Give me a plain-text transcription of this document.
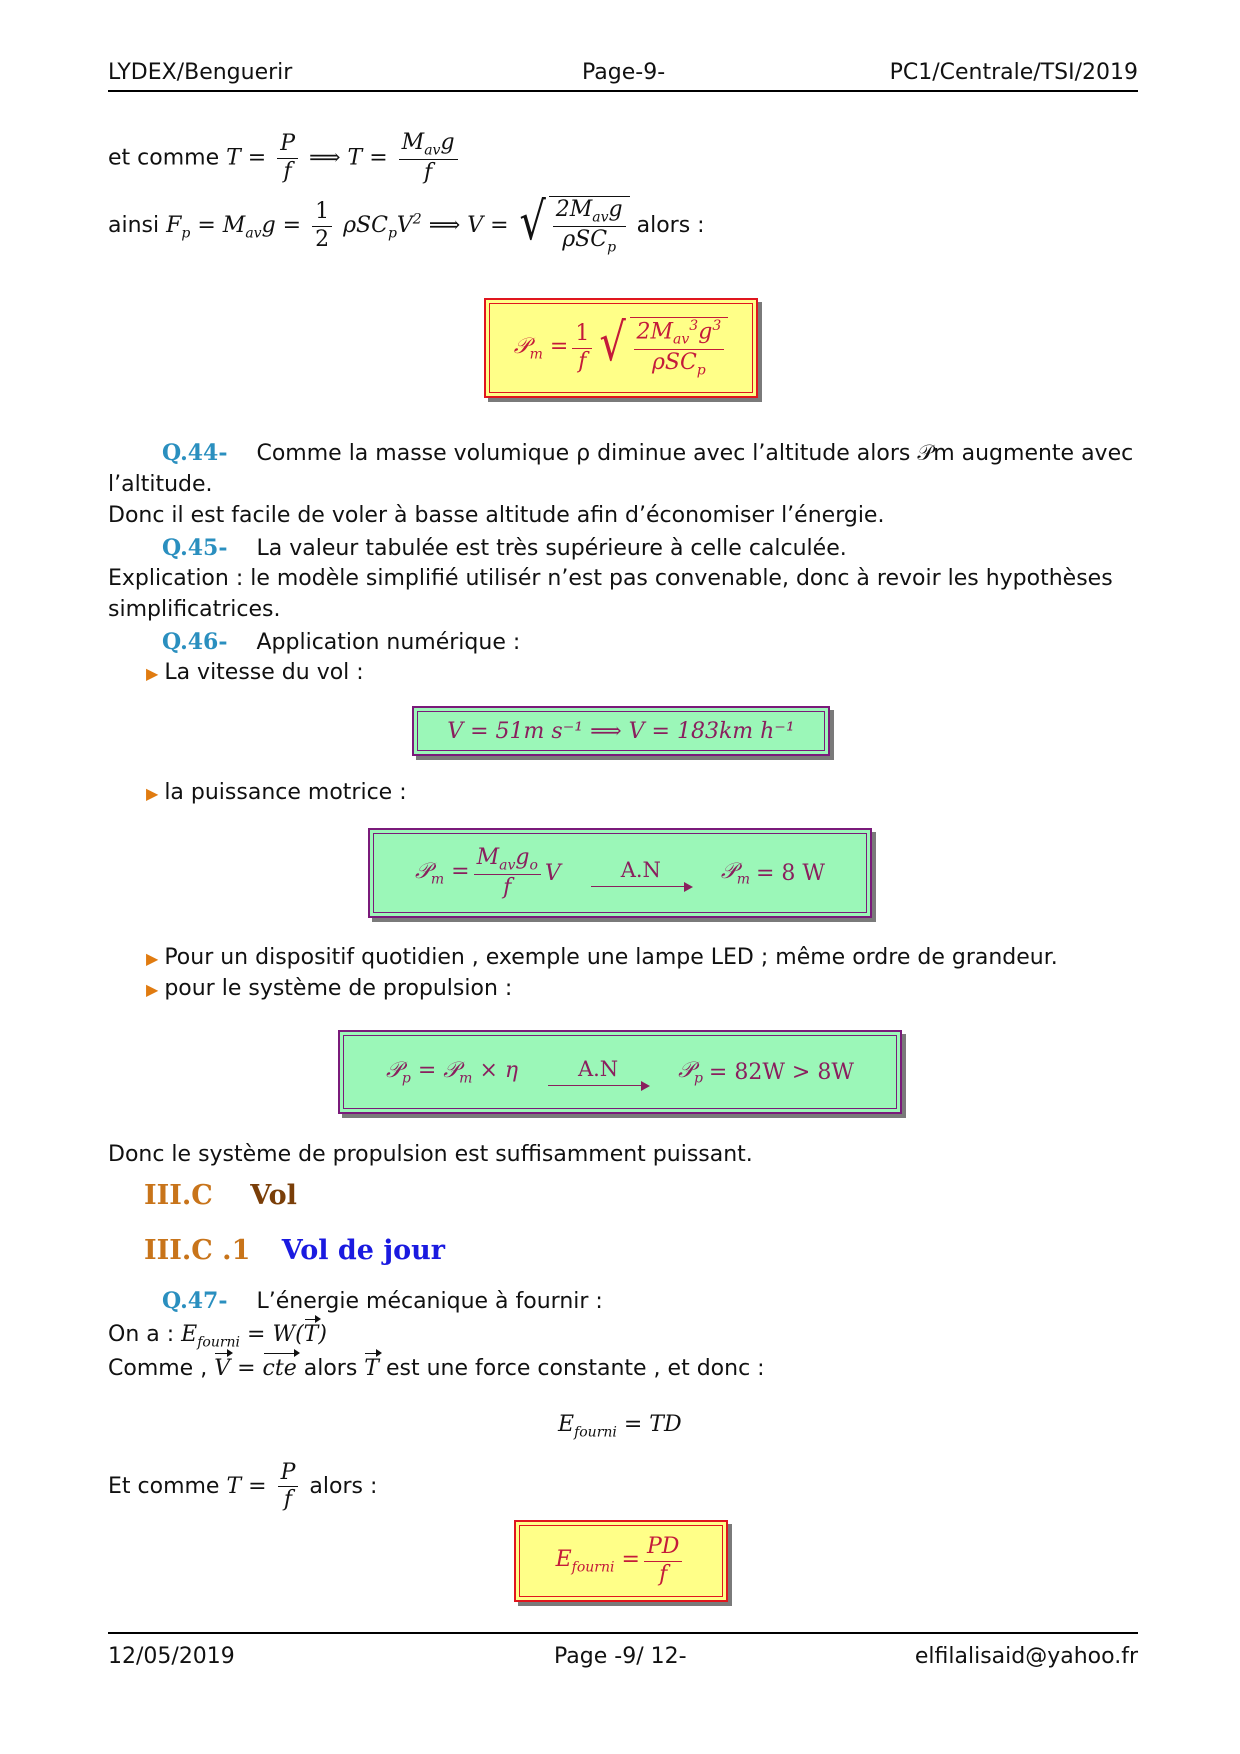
LYDEX/Benguerir	Page-9-	PC1/Centrale/TSI/2019
et comme $T = \frac{P}{f}$ ⟹ $T = \frac{M_{av}g}{f}$
ainsi $F_p = M_{av}g = \frac{1}{2} \rho SC_pV^2$ ⟹ V = √ $\frac{2M_{av}g}{\rho SC_p}$ alors :
𝒫$_m$ = $\frac{1}{f}$ √ $\frac{2M_{av}^3g^3}{\rho SC_p}$
Q.44- Comme la masse volumique ρ diminue avec l’altitude alors 𝒫m augmente avec
l’altitude.
Donc il est facile de voler à basse altitude afin d’économiser l’énergie.
Q.45- La valeur tabulée est très supérieure à celle calculée.
Explication : le modèle simplifié utilisér n’est pas convenable, donc à revoir les hypothèses
simplificatrices.
Q.46- Application numérique :
▶ La vitesse du vol :
V = 51m s⁻¹ ⟹ V = 183km h⁻¹
▶ la puissance motrice :
𝒫$_m$ = $\frac{M_{av}g_o}{f}$ V	A.N	𝒫$_m$ = 8 W
▶ Pour un dispositif quotidien , exemple une lampe LED ; même ordre de grandeur.
▶ pour le système de propulsion :
𝒫$_p$ = 𝒫$_m$ × η	A.N	𝒫$_p$ = 82W > 8W
Donc le système de propulsion est suffisamment puissant.
III.C Vol
III.C .1 Vol de jour
Q.47- L’énergie mécanique à fournir :
On a : $E_{fourni} = W(T)$
Comme , V = cte alors T est une force constante , et donc :
$E_{fourni}$ = TD
Et comme $T = \frac{P}{f}$ alors :
$E_{fourni} = \frac{PD}{f}$
12/05/2019	Page -9/ 12-	elfilalisaid@yahoo.fr
